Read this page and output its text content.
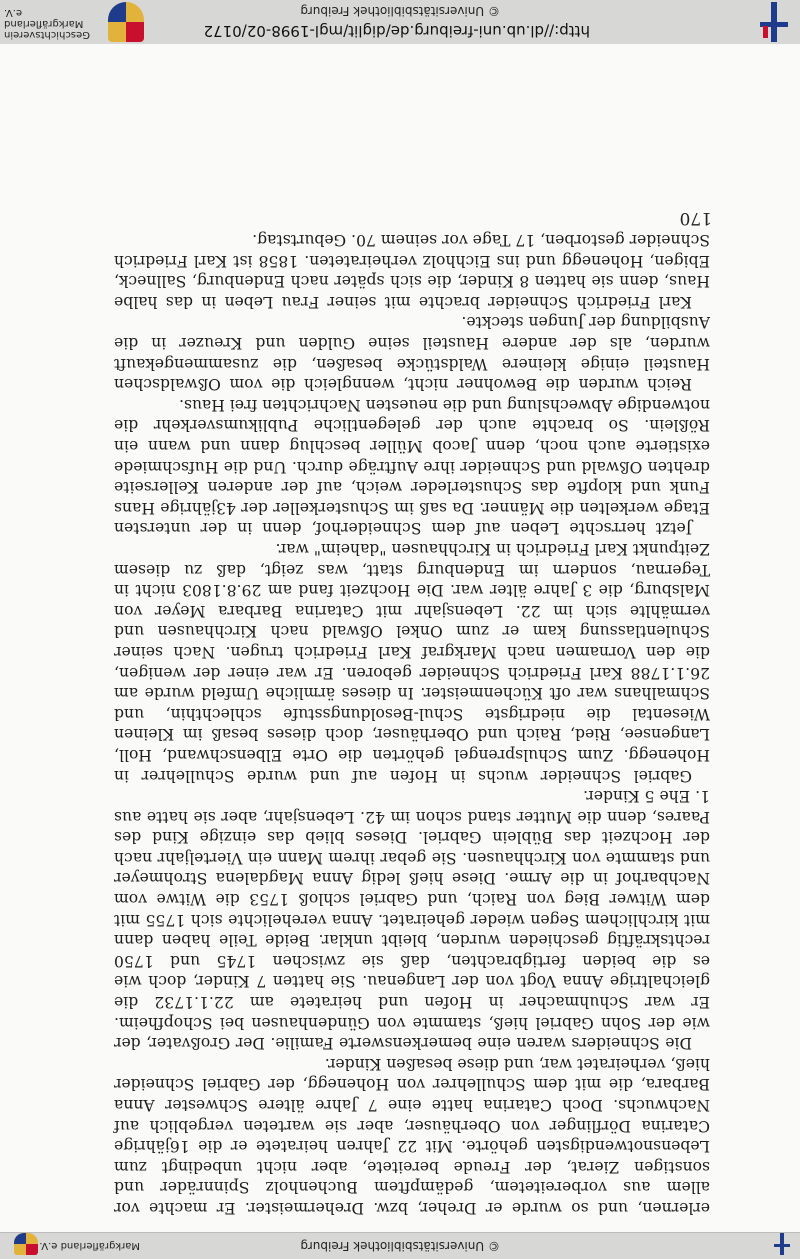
http://dl.ub.uni-freiburg.de/diglit/mgl-1998-02/0172
© Universitätsbibliothek Freiburg
Geschichtsverein
Markgräflerland e.V.

erlernen, und so wurde er Dreher, bzw. Drehermeister. Er machte vor allem aus vorbereitetem, gedämpftem Buchenholz Spinnräder und sonstigen Zierat, der Freude bereitete, aber nicht unbedingt zum Lebensnotwendigsten gehörte. Mit 22 Jahren heiratete er die 16jährige Catarina Dörflinger von Oberhäuser, aber sie warteten vergeblich auf Nachwuchs. Doch Catarina hatte eine 7 Jahre ältere Schwester Anna Barbara, die mit dem Schullehrer von Hohenegg, der Gabriel Schneider hieß, verheiratet war, und diese besaßen Kinder.

Die Schneiders waren eine bemerkenswerte Familie. Der Großvater, der wie der Sohn Gabriel hieß, stammte von Gündenhausen bei Schopfheim. Er war Schuhmacher in Hofen und heiratete am 22.1.1732 die gleichaltrige Anna Vogt von der Langenau. Sie hatten 7 Kinder, doch wie es die beiden fertigbrachten, daß sie zwischen 1745 und 1750 rechtskräftig geschieden wurden, bleibt unklar. Beide Teile haben dann mit kirchlichem Segen wieder geheiratet. Anna verehelichte sich 1755 mit dem Witwer Bieg von Raich, und Gabriel schloß 1753 die Witwe vom Nachbarhof in die Arme. Diese hieß ledig Anna Magdalena Strohmeyer und stammte von Kirchhausen. Sie gebar ihrem Mann ein Vierteljahr nach der Hochzeit das Büblein Gabriel. Dieses blieb das einzige Kind des Paares, denn die Mutter stand schon im 42. Lebensjahr, aber sie hatte aus 1. Ehe 5 Kinder.

Gabriel Schneider wuchs in Hofen auf und wurde Schullehrer in Hohenegg. Zum Schulsprengel gehörten die Orte Elbenschwand, Holl, Langensee, Ried, Raich und Oberhäuser, doch dieses besaß im Kleinen Wiesental die niedrigste Schul-Besoldungsstufe schlechthin, und Schmalhans war oft Küchenmeister. In dieses ärmliche Umfeld wurde am 26.1.1788 Karl Friedrich Schneider geboren. Er war einer der wenigen, die den Vornamen nach Markgraf Karl Friedrich trugen. Nach seiner Schulentlassung kam er zum Onkel Oßwald nach Kirchhausen und vermählte sich im 22. Lebensjahr mit Catarina Barbara Meyer von Malsburg, die 3 Jahre älter war. Die Hochzeit fand am 29.8.1803 nicht in Tegernau, sondern im Endenburg statt, was zeigt, daß zu diesem Zeitpunkt Karl Friedrich in Kirchhausen "daheim" war.

Jetzt herrschte Leben auf dem Schneiderhof, denn in der untersten Etage werkelten die Männer. Da saß im Schusterkeller der 43jährige Hans Funk und klopfte das Schusterleder weich, auf der anderen Kellerseite drehten Oßwald und Schneider ihre Aufträge durch. Und die Hufschmiede existierte auch noch, denn Jacob Müller beschlug dann und wann ein Rößlein. So brachte auch der gelegentliche Publikumsverkehr die notwendige Abwechslung und die neuesten Nachrichten frei Haus.

Reich wurden die Bewohner nicht, wenngleich die vom Oßwaldschen Hausteil einige kleinere Waldstücke besaßen, die zusammengekauft wurden, als der andere Hausteil seine Gulden und Kreuzer in die Ausbildung der Jungen steckte.

Karl Friedrich Schneider brachte mit seiner Frau Leben in das halbe Haus, denn sie hatten 8 Kinder, die sich später nach Endenburg, Sallneck, Ebigen, Hohenegg und ins Eichholz verheirateten. 1858 ist Karl Friedrich Schneider gestorben, 17 Tage vor seinem 70. Geburtstag.

170
© Universitätsbibliothek Freiburg
Markgräflerland e.V.
